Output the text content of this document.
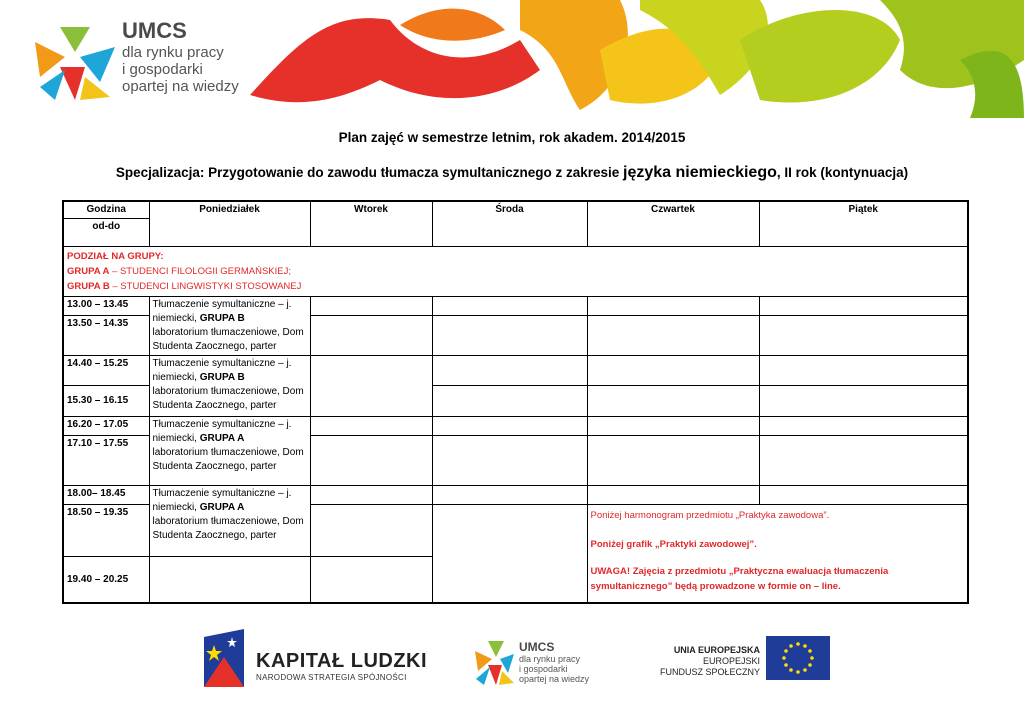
UMCS
dla rynku pracy
i gospodarki
opartej na wiedzy
Plan zajęć w semestrze letnim, rok akadem. 2014/2015
Specjalizacja: Przygotowanie do zawodu tłumacza symultanicznego z zakresie języka niemieckiego, II rok (kontynuacja)
Godzina	Poniedziałek	Wtorek	Środa	Czwartek	Piątek
od-do					

PODZIAŁ NA GRUPY:
GRUPA A – STUDENCI FILOLOGII GERMAŃSKIEJ;
GRUPA B – STUDENCI LINGWISTYKI STOSOWANEJ					

13.00 – 13.45	Tłumaczenie symultaniczne – j. niemiecki, GRUPA B
laboratorium tłumaczeniowe, Dom Studenta Zaocznego, parter				
13.50 – 14.35					
14.40 – 15.25	Tłumaczenie symultaniczne – j. niemiecki, GRUPA B
laboratorium tłumaczeniowe, Dom Studenta Zaocznego, parter				
15.30 – 16.15					
16.20 – 17.05	Tłumaczenie symultaniczne – j. niemiecki, GRUPA A
laboratorium tłumaczeniowe, Dom Studenta Zaocznego, parter				
17.10 – 17.55					
18.00– 18.45	Tłumaczenie symultaniczne – j. niemiecki, GRUPA A
laboratorium tłumaczeniowe, Dom Studenta Zaocznego, parter				
18.50 – 19.35				Poniżej harmonogram przedmiotu „Praktyka zawodowa”.
Poniżej grafik „Praktyki zawodowej”.
UWAGA! Zajęcia z przedmiotu „Praktyczna ewaluacja tłumaczenia symultanicznego” będą prowadzone w formie on – line.	

19.40 – 20.25					
KAPITAŁ LUDZKI
NARODOWA STRATEGIA SPÓJNOŚCI
UMCS
dla rynku pracy
i gospodarki
opartej na wiedzy
UNIA EUROPEJSKA
EUROPEJSKI
FUNDUSZ SPOŁECZNY
